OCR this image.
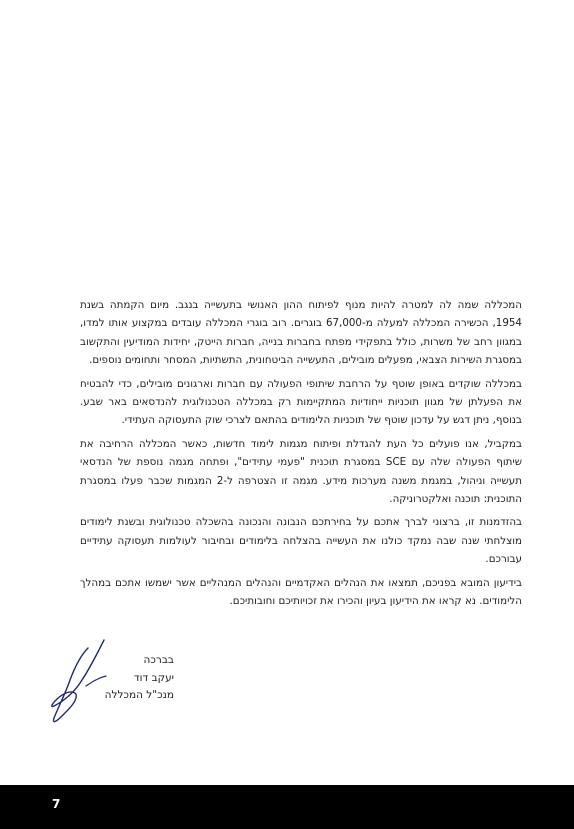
המכללה שמה לה למטרה להיות מנוף לפיתוח ההון האנושי בתעשייה בנגב. מיום הקמתה בשנת 1954, הכשירה המכללה למעלה מ-67,000 בוגרים. רוב בוגרי המכללה עובדים במקצוע אותו למדו, במגוון רחב של משרות, כולל בתפקידי מפתח בחברות בנייה, חברות הייטק, יחידות המודיעין והתקשוב במסגרת השירות הצבאי, מפעלים מובילים, התעשייה הביטחונית, התשתיות, המסחר ותחומים נוספים.

במכללה שוקדים באופן שוטף על הרחבת שיתופי הפעולה עם חברות וארגונים מובילים, כדי להבטיח את הפעלתן של מגוון תוכניות ייחודיות המתקיימות רק במכללה הטכנולוגית להנדסאים באר שבע. בנוסף, ניתן דגש על עדכון שוטף של תוכניות הלימודים בהתאם לצרכי שוק התעסוקה העתידי.

במקביל, אנו פועלים כל העת להגדלת ופיתוח מגמות לימוד חדשות, כאשר המכללה הרחיבה את שיתוף הפעולה שלה עם SCE במסגרת תוכנית "פעמי עתידים", ופתחה מגמה נוספת של הנדסאי תעשייה וניהול, במגמת משנה מערכות מידע. מגמה זו הצטרפה ל-2 המגמות שכבר פעלו במסגרת התוכנית: תוכנה ואלקטרוניקה.

בהזדמנות זו, ברצוני לברך אתכם על בחירתכם הנבונה והנכונה בהשכלה טכנולוגית ובשנת לימודים מוצלחתי שנה שבה נמקד כולנו את העשייה בהצלחה בלימודים ובחיבור לעולמות תעסוקה עתידיים עבורכם.

בידיעון המובא בפניכם, תמצאו את הנהלים האקדמיים והנהלים המנהליים אשר ישמשו אתכם במהלך הלימודים. נא קראו את הידיעון בעיון והכירו את זכויותיכם וחובותיכם.

בברכה
יעקב דוד
מנכ"ל המכללה
7
